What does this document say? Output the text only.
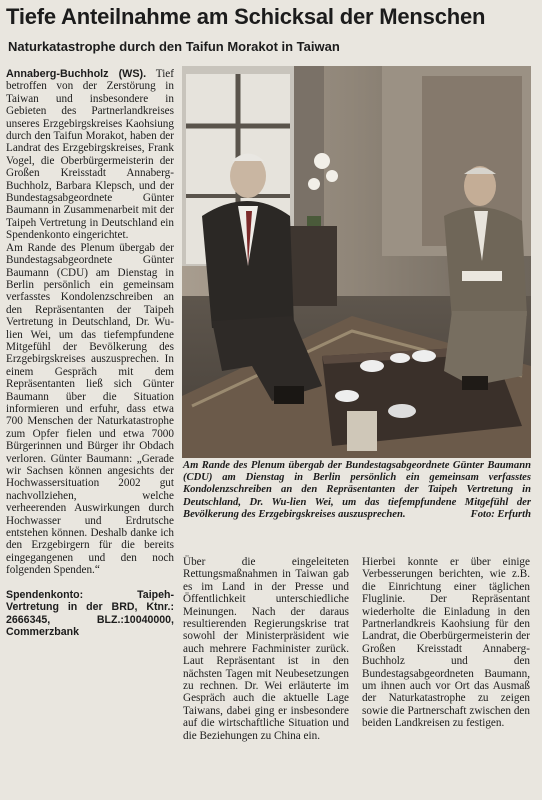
Tiefe Anteilnahme am Schicksal der Menschen
Naturkatastrophe durch den Taifun Morakot in Taiwan

Annaberg-Buchholz (WS). Tief betroffen von der Zerstörung in Taiwan und insbesondere in Gebieten des Partnerlandkreises unseres Erzgebirgskreises Kaohsiung durch den Taifun Morakot, haben der Landrat des Erzgebirgskreises, Frank Vogel, die Oberbürgermeisterin der Großen Kreisstadt Annaberg-Buchholz, Barbara Klepsch, und der Bundestagsabgeordnete Günter Baumann in Zusammenarbeit mit der Taipeh Vertretung in Deutschland ein Spendenkonto eingerichtet.

Am Rande des Plenum übergab der Bundestagsabgeordnete Günter Baumann (CDU) am Dienstag in Berlin persönlich ein gemeinsam verfasstes Kondolenzschreiben an den Repräsentanten der Taipeh Vertretung in Deutschland, Dr. Wu-lien Wei, um das tiefempfundene Mitgefühl der Bevölkerung des Erzgebirgskreises auszusprechen. In einem Gespräch mit dem Repräsentanten ließ sich Günter Baumann über die Situation informieren und erfuhr, dass etwa 700 Menschen der Naturkatastrophe zum Opfer fielen und etwa 7000 Bürgerinnen und Bürger ihr Obdach verloren. Günter Baumann: „Gerade wir Sachsen können angesichts der Hochwassersituation 2002 gut nachvollziehen, welche verheerenden Auswirkungen durch Hochwasser und Erdrutsche entstehen können. Deshalb danke ich den Erzgebirgern für die bereits eingegangenen und den noch folgenden Spenden.“

Spendenkonto: Taipeh-Vertretung in der BRD, Ktnr.: 2666345, BLZ.:10040000, Commerzbank

Am Rande des Plenum übergab der Bundestagsabgeordnete Günter Baumann (CDU) am Dienstag in Berlin persönlich ein gemeinsam verfasstes Kondolenzschreiben an den Repräsentanten der Taipeh Vertretung in Deutschland, Dr. Wu-lien Wei, um das tiefempfundene Mitgefühl der Bevölkerung des Erzgebirgskreises auszusprechen.	Foto: Erfurth

Über die eingeleiteten Rettungsmaßnahmen in Taiwan gab es im Land in der Presse und Öffentlichkeit unterschiedliche Meinungen. Nach der daraus resultierenden Regierungskrise trat sowohl der Ministerpräsident wie auch mehrere Fachminister zurück. Laut Repräsentant ist in den nächsten Tagen mit Neubesetzungen zu rechnen. Dr. Wei erläuterte im Gespräch auch die aktuelle Lage Taiwans, dabei ging er insbesondere auf die wirtschaftliche Situation und die Beziehungen zu China ein.

Hierbei konnte er über einige Verbesserungen berichten, wie z.B. die Einrichtung einer täglichen Fluglinie. Der Repräsentant wiederholte die Einladung in den Partnerlandkreis Kaohsiung für den Landrat, die Oberbürgermeisterin der Großen Kreisstadt Annaberg-Buchholz und den Bundestagsabgeordneten Baumann, um ihnen auch vor Ort das Ausmaß der Naturkatastrophe zu zeigen sowie die Partnerschaft zwischen den beiden Landkreisen zu festigen.
